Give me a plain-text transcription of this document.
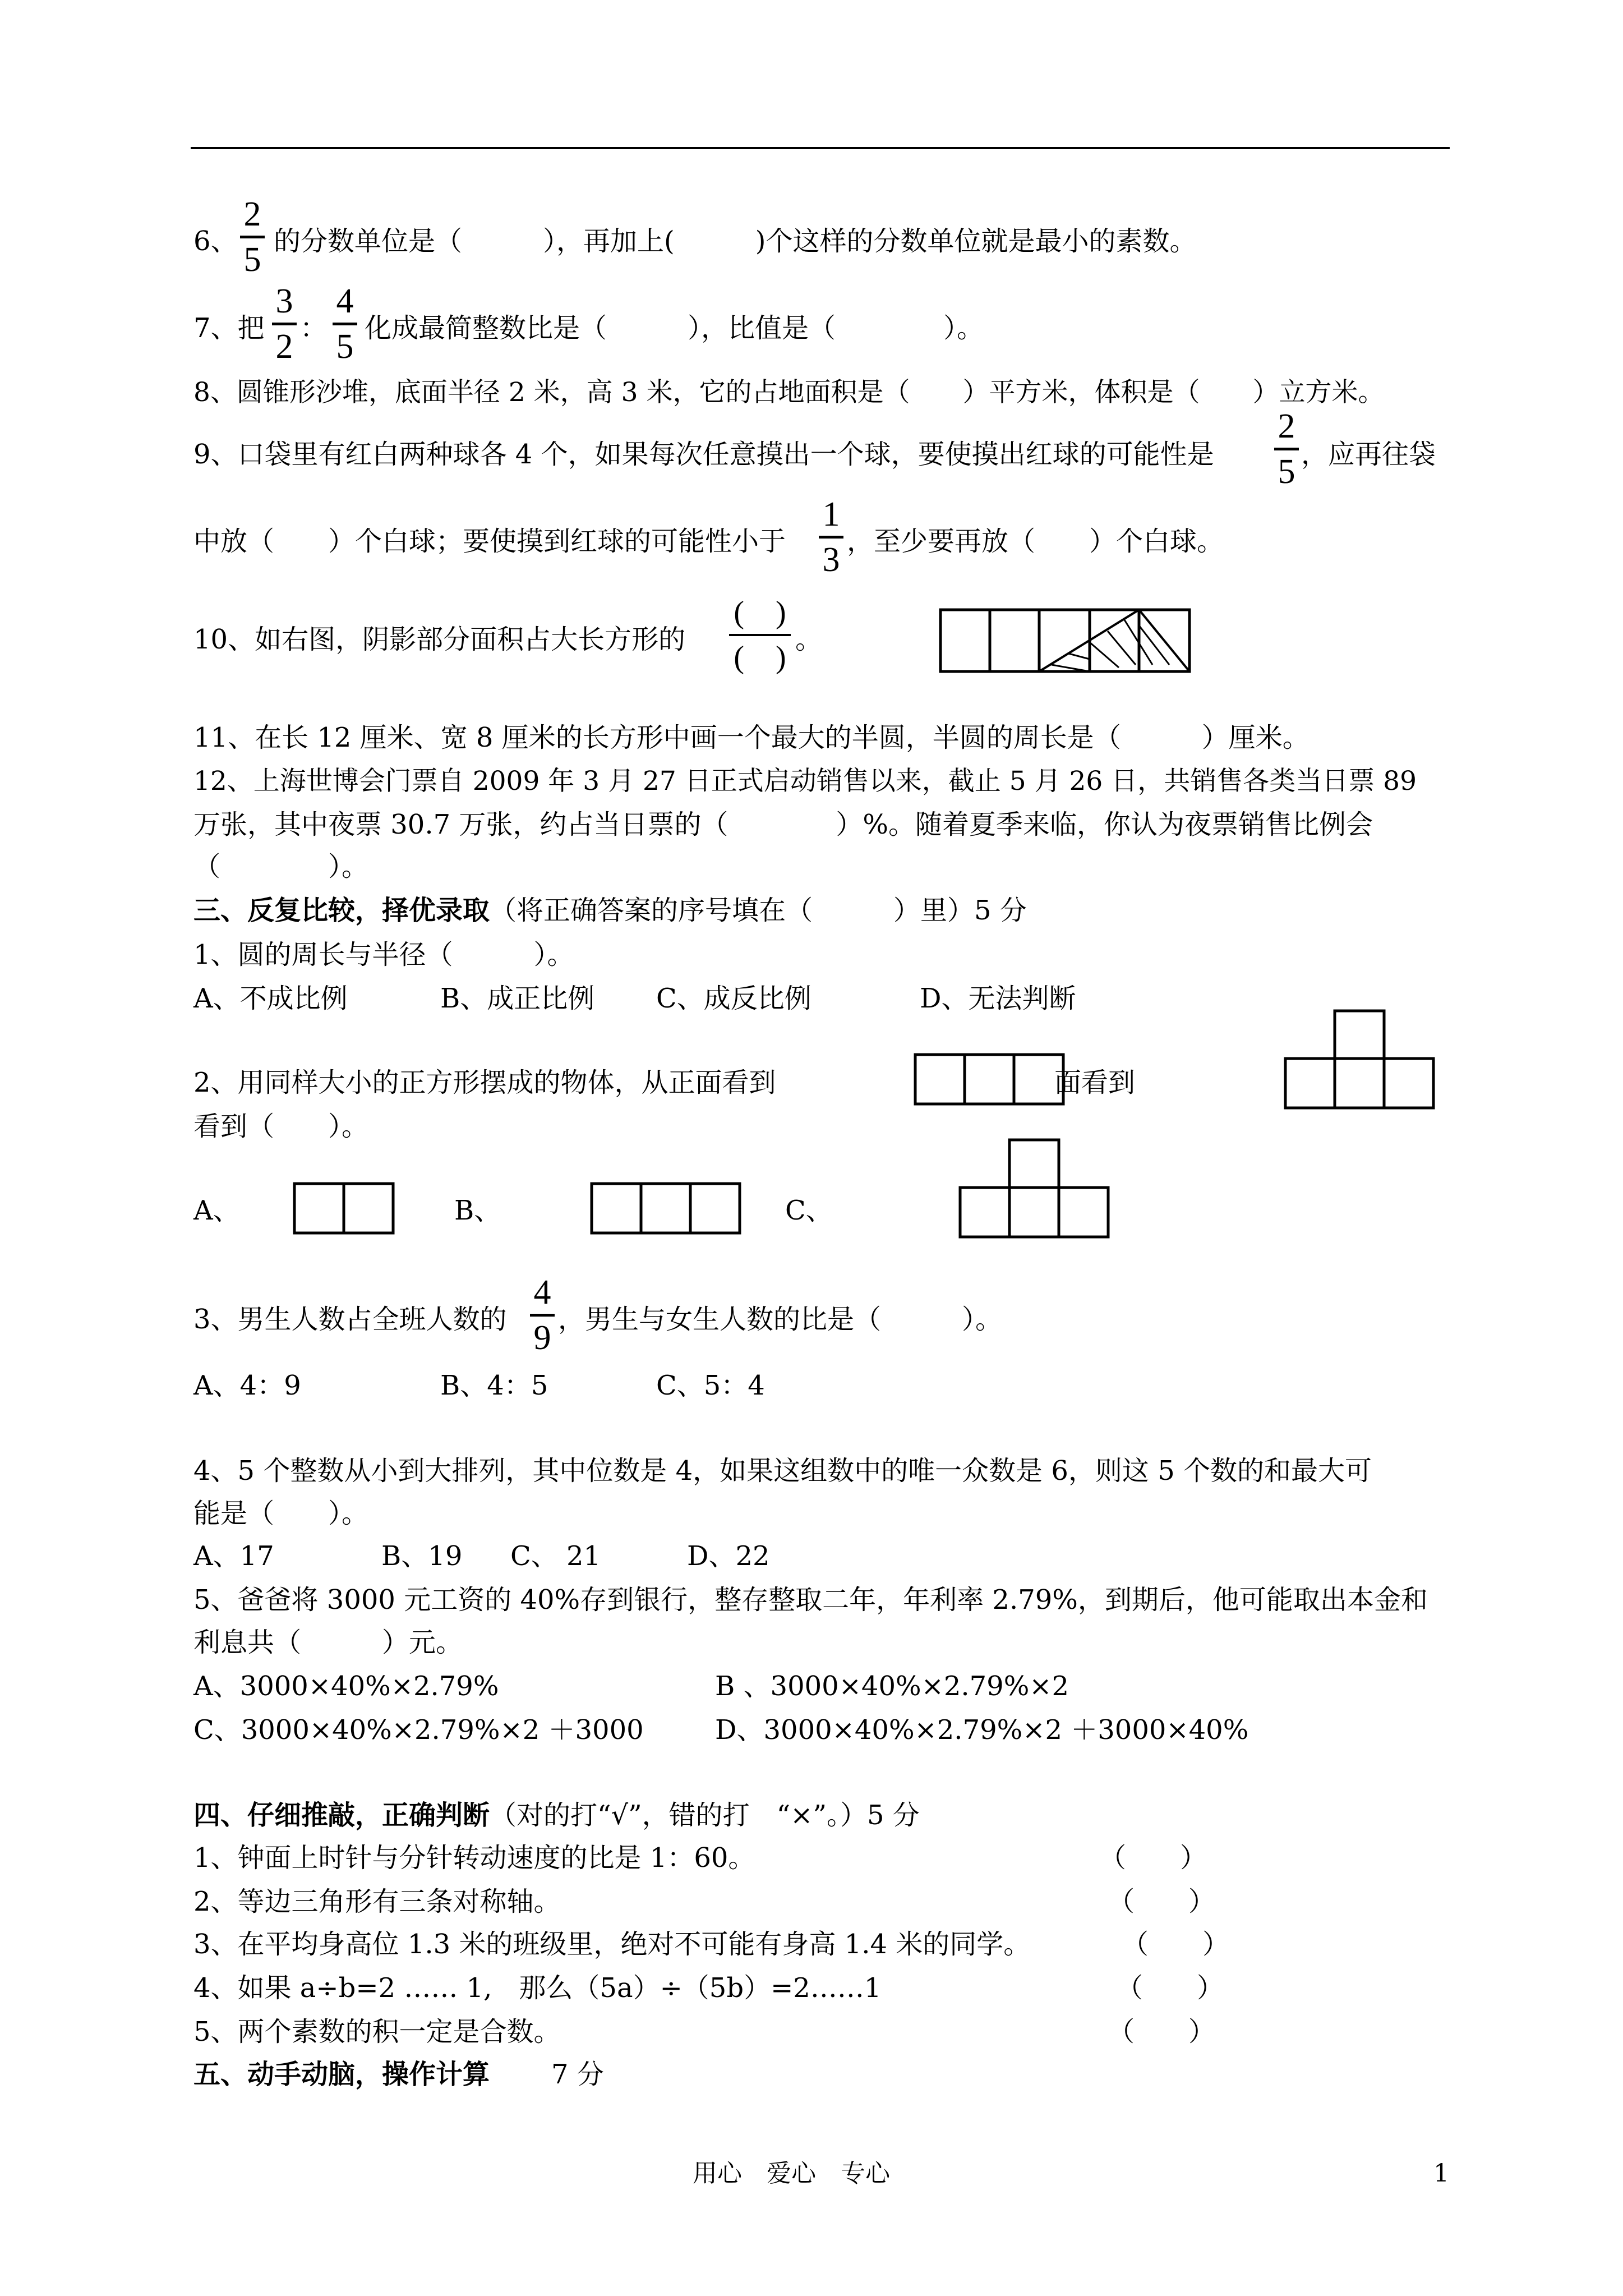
6、
2
5 的分数单位是（　　　），再加上(　　　)个这样的分数单位就是最小的素数。
7、把
3
2 ：
4
5 化成最简整数比是（　　　），比值是（　　　　）。
8、圆锥形沙堆，底面半径 2 米，高 3 米，它的占地面积是（　　）平方米，体积是（　　）立方米。
9、口袋里有红白两种球各 4 个，如果每次任意摸出一个球，要使摸出红球的可能性是
2
5 ，应再往袋
中放（　　）个白球；要使摸到红球的可能性小于
1
3 ，至少要再放（　　）个白球。
10、如右图，阴影部分面积占大长方形的
(　)
(　)
。
11、在长 12 厘米、宽 8 厘米的长方形中画一个最大的半圆，半圆的周长是（　　　）厘米。
12、上海世博会门票自 2009 年 3 月 27 日正式启动销售以来，截止 5 月 26 日，共销售各类当日票 89
万张，其中夜票 30.7 万张，约占当日票的（　　　　）%。随着夏季来临，你认为夜票销售比例会
（　　　　）。
三、反复比较，择优录取（将正确答案的序号填在（　　　）里）5 分
1、圆的周长与半径（　　　）。
A、不成比例	B、成正比例 C、成反比例	D、无法判断
2、用同样大小的正方形摆成的物体，从正面看到	面看到
看到（　　）。
A、	B、	C、
3、男生人数占全班人数的
4
9 ，男生与女生人数的比是（　　　）。
A、4：9	B、4：5	C、5：4
4、5 个整数从小到大排列，其中位数是 4，如果这组数中的唯一众数是 6，则这 5 个数的和最大可
能是（　　）。
A、17	B、19 C、 21	D、22
5、爸爸将 3000 元工资的 40%存到银行，整存整取二年，年利率 2.79%，到期后，他可能取出本金和
利息共（　　　）元。
A、3000×40%×2.79%	B 、3000×40%×2.79%×2
C、3000×40%×2.79%×2 ＋3000	D、3000×40%×2.79%×2 ＋3000×40%
四、仔细推敲，正确判断（对的打“√”，错的打　“×”。）5 分
1、钟面上时针与分针转动速度的比是 1：60。	（　　）
2、等边三角形有三条对称轴。	（　　）
3、在平均身高位 1.3 米的班级里，绝对不可能有身高 1.4 米的同学。	（　　）
4、如果 a÷b=2 …… 1,　那么（5a）÷（5b）=2……1	（　　）
5、两个素数的积一定是合数。	（　　）
五、动手动脑，操作计算 7 分
用心　爱心　专心	1
